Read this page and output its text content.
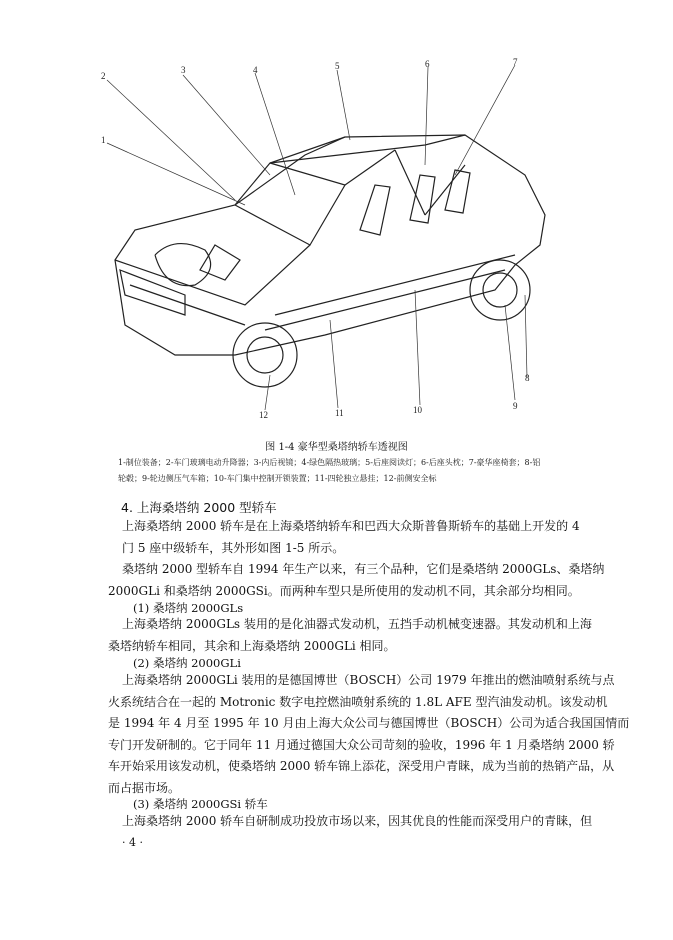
1
2
3	4	5	6	7
8
9
10
11
12
图 1-4 豪华型桑塔纳轿车透视图
1-制位装备；2-车门玻璃电动升降器；3-内后视镜；4-绿色隔热玻璃；5-后座阅读灯；6-后座头枕；7-豪华座椅套；8-铝
轮毂；9-轮边侧压气车箱；10-车门集中控制开锁装置；11-四轮独立悬挂；12-前侧安全标
4. 上海桑塔纳 2000 型轿车
上海桑塔纳 2000 轿车是在上海桑塔纳轿车和巴西大众斯普鲁斯轿车的基础上开发的 4
门 5 座中级轿车，其外形如图 1-5 所示。
桑塔纳 2000 型轿车自 1994 年生产以来，有三个品种，它们是桑塔纳 2000GLs、桑塔纳
2000GLi 和桑塔纳 2000GSi。而两种车型只是所使用的发动机不同，其余部分均相同。
(1) 桑塔纳 2000GLs
上海桑塔纳 2000GLs 装用的是化油器式发动机，五挡手动机械变速器。其发动机和上海
桑塔纳轿车相同，其余和上海桑塔纳 2000GLi 相同。
(2) 桑塔纳 2000GLi
上海桑塔纳 2000GLi 装用的是德国博世（BOSCH）公司 1979 年推出的燃油喷射系统与点
火系统结合在一起的 Motronic 数字电控燃油喷射系统的 1.8L AFE 型汽油发动机。该发动机
是 1994 年 4 月至 1995 年 10 月由上海大众公司与德国博世（BOSCH）公司为适合我国国情而
专门开发研制的。它于同年 11 月通过德国大众公司苛刻的验收，1996 年 1 月桑塔纳 2000 轿
车开始采用该发动机，使桑塔纳 2000 轿车锦上添花，深受用户青睐，成为当前的热销产品，从
而占据市场。
(3) 桑塔纳 2000GSi 轿车
上海桑塔纳 2000 轿车自研制成功投放市场以来，因其优良的性能而深受用户的青睐，但
· 4 ·
